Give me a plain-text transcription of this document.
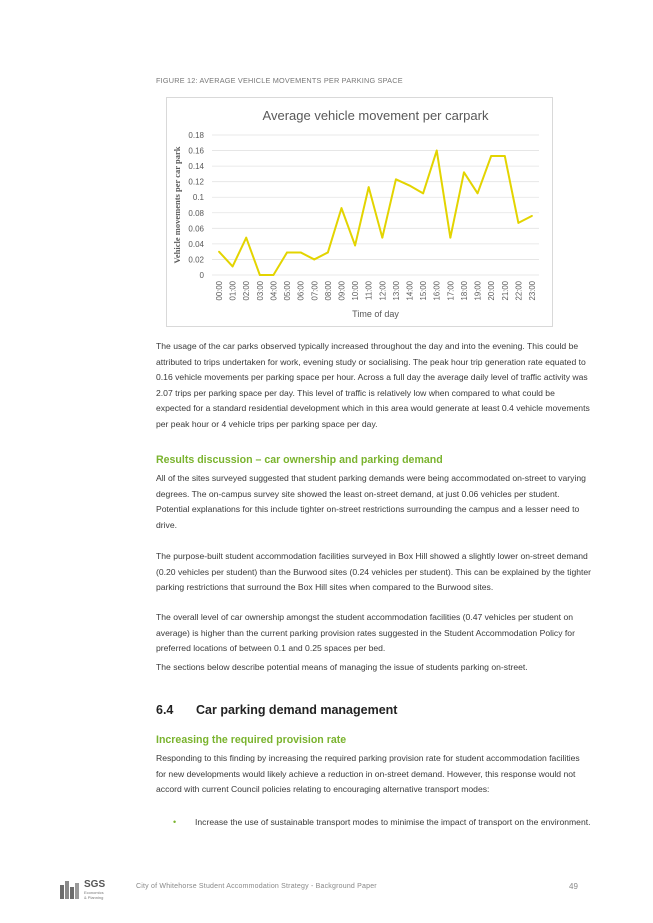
FIGURE 12: AVERAGE VEHICLE MOVEMENTS PER PARKING SPACE
Average vehicle movement per carpark
0
0.02
0.04
0.06
0.08
0.1
0.12
0.14
0.16
0.18
Vehicle movements per car park
00:00 01:00 02:00 03:00 04:00 05:00 06:00 07:00 08:00 09:00 10:00 11:00 12:00 13:00 14:00 15:00 16:00 17:00 18:00 19:00 20:00 21:00 22:00 23:00
Time of day

The usage of the car parks observed typically increased throughout the day and into the evening. This could be attributed to trips undertaken for work, evening study or socialising. The peak hour trip generation rate equated to 0.16 vehicle movements per parking space per hour. Across a full day the average daily level of traffic activity was 2.07 trips per parking space per day. This level of traffic is relatively low when compared to what could be expected for a standard residential development which in this area would generate at least 0.4 vehicle movements per peak hour or 4 vehicle trips per parking space per day.

Results discussion – car ownership and parking demand

All of the sites surveyed suggested that student parking demands were being accommodated on-street to varying degrees. The on-campus survey site showed the least on-street demand, at just 0.06 vehicles per student. Potential explanations for this include tighter on-street restrictions surrounding the campus and a lesser need to drive.

The purpose-built student accommodation facilities surveyed in Box Hill showed a slightly lower on-street demand (0.20 vehicles per student) than the Burwood sites (0.24 vehicles per student). This can be explained by the tighter parking restrictions that surround the Box Hill sites when compared to the Burwood sites.

The overall level of car ownership amongst the student accommodation facilities (0.47 vehicles per student on average) is higher than the current parking provision rates suggested in the Student Accommodation Policy for preferred locations of between 0.1 and 0.25 spaces per bed.

The sections below describe potential means of managing the issue of students parking on-street.

6.4 Car parking demand management
Increasing the required provision rate

Responding to this finding by increasing the required parking provision rate for student accommodation facilities for new developments would likely achieve a reduction in on-street demand. However, this response would not accord with current Council policies relating to encouraging alternative transport modes:

• Increase the use of sustainable transport modes to minimise the impact of transport on the environment.
SGS
Economics
& Planning
City of Whitehorse Student Accommodation Strategy - Background Paper	49
